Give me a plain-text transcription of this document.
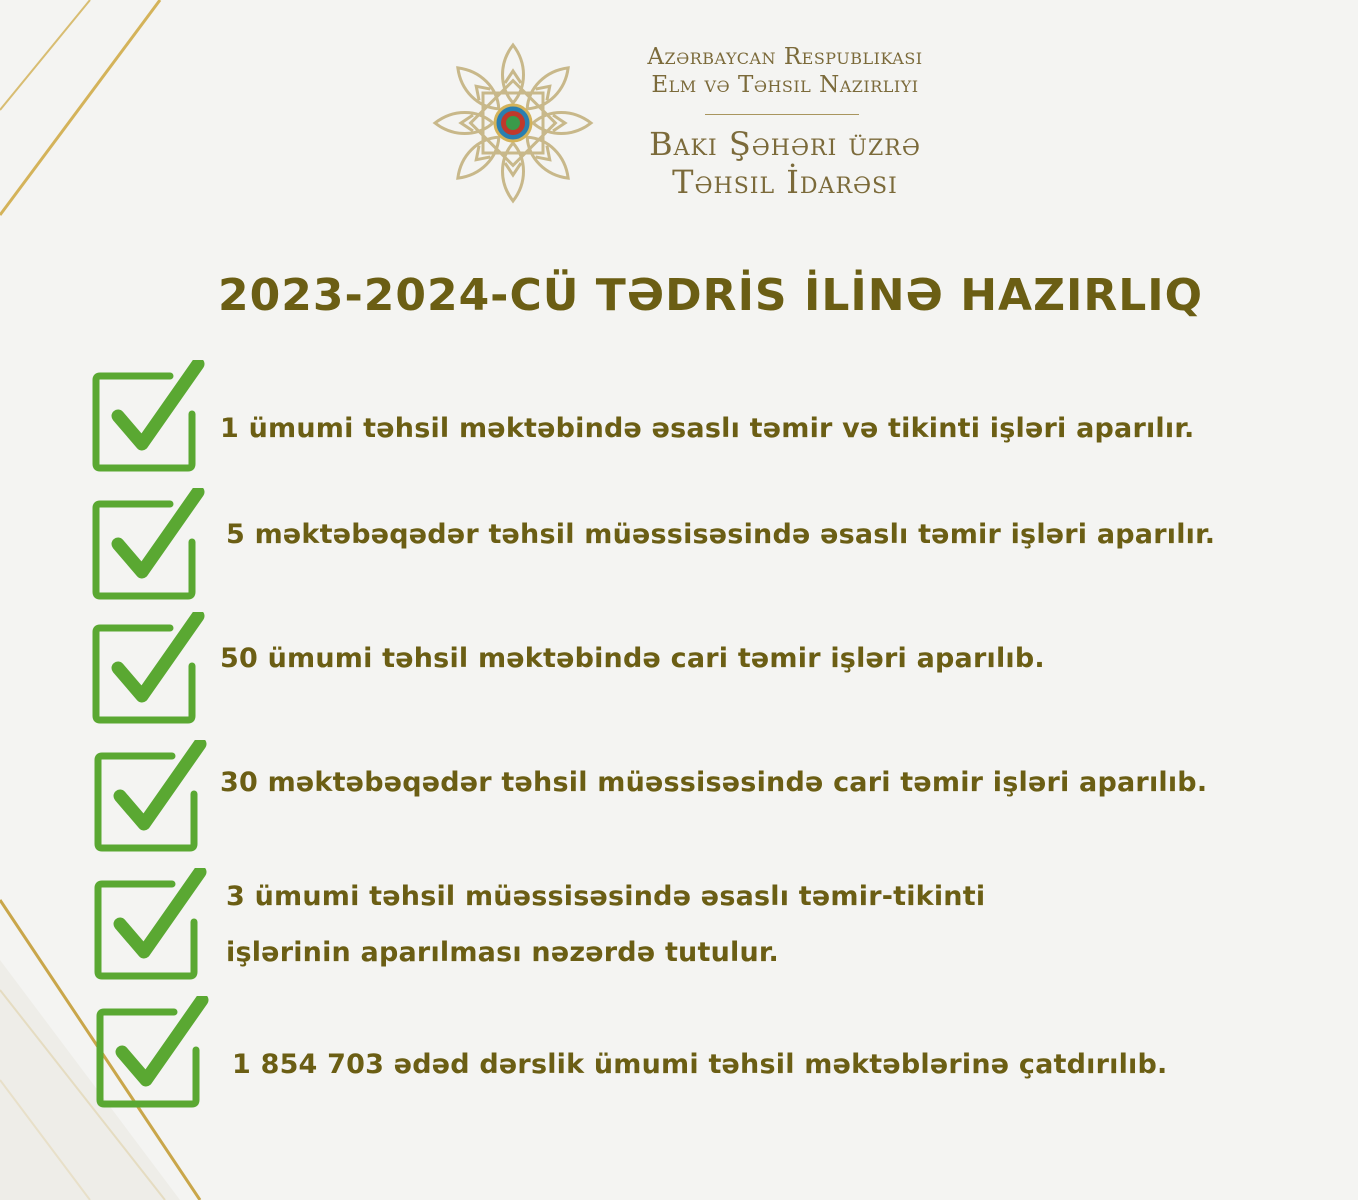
Azərbaycan Respublikası
Elm və Təhsil Nazirliyi
Bakı Şəhəri üzrə
Təhsil İdarəsi
2023-2024-CÜ TƏDRİS İLİNƏ HAZIRLIQ
1 ümumi təhsil məktəbində əsaslı təmir və tikinti işləri aparılır.
5 məktəbəqədər təhsil müəssisəsində əsaslı təmir işləri aparılır.
50 ümumi təhsil məktəbində cari təmir işləri aparılıb.
30 məktəbəqədər təhsil müəssisəsində cari təmir işləri aparılıb.
3 ümumi təhsil müəssisəsində əsaslı təmir-tikinti
işlərinin aparılması nəzərdə tutulur.
1 854 703 ədəd dərslik ümumi təhsil məktəblərinə çatdırılıb.
